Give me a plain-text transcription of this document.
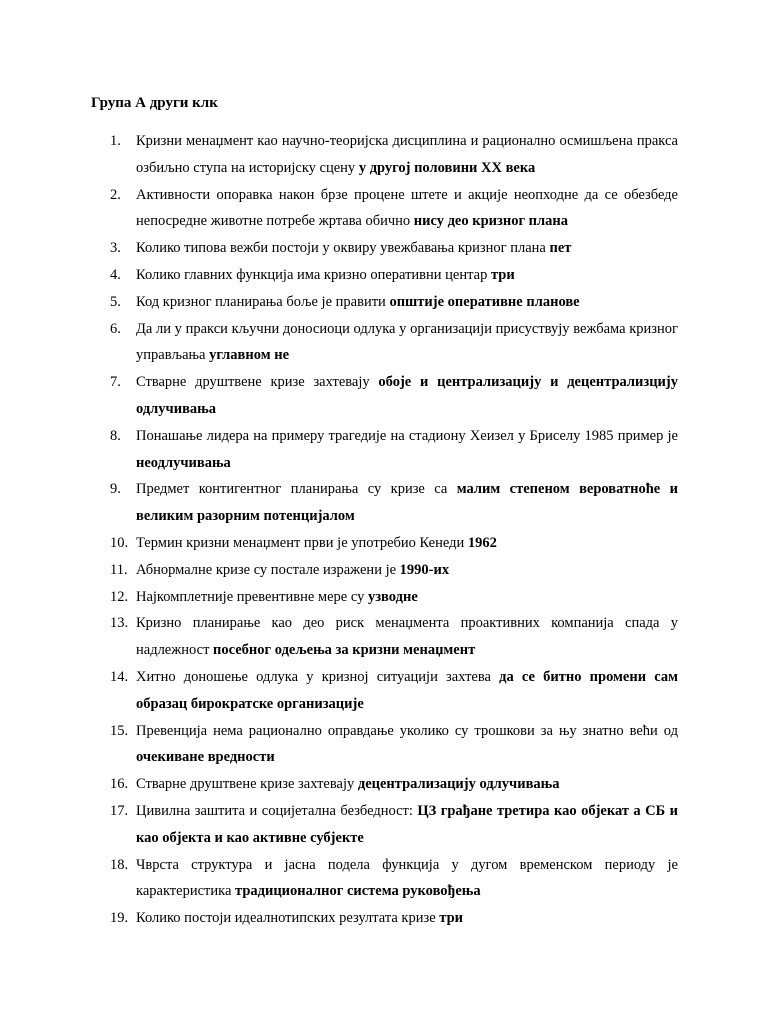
Група А други клк
1.	Кризни менаџмент као научно-теоријска дисциплина и рационално осмишљена пракса озбиљно ступа на историјску сцену у другој половини XX века
2.	Активности опоравка након брзе процене штете и акције неопходне да се обезбеде непосредне животне потребе жртава обично нису део кризног плана
3.	Колико типова вежби постоји у оквиру увежбавања кризног плана пет
4.	Колико главних функција има кризно оперативни центар три
5.	Код кризног планирања боље је правити општије оперативне планове
6.	Да ли у пракси кључни доносиоци одлука у организацији присуствују вежбама кризног управљања углавном не
7.	Стварне друштвене кризе захтевају обоје и централизацију и децентрализцију одлучивања
8.	Понашање лидера на примеру трагедије на стадиону Хеизел у Бриселу 1985 пример је неодлучивања
9.	Предмет контигентног планирања су кризе са малим степеном вероватноће и великим разорним потенцијалом
10. Термин кризни менаџмент први је употребио Кенеди 1962
11. Абнормалне кризе су постале изражени је 1990-их
12. Најкомплетније превентивне мере су узводне
13. Кризно планирање као део риск менаџмента проактивних компанија спада у надлежност посебног одељења за кризни менаџмент
14. Хитно доношење одлука у кризној ситуацији захтева да се битно промени сам образац бирократске организације
15. Превенција нема рационално оправдање уколико су трошкови за њу знатно већи од очекиване вредности
16. Стварне друштвене кризе захтевају децентрализацију одлучивања
17. Цивилна заштита и социјетална безбедност: ЦЗ грађане третира као објекат а СБ и као објекта и као активне субјекте
18. Чврста структура и јасна подела функција у дугом временском периоду је карактеристика традиционалног система руковођења
19. Колико постоји идеалнотипских резултата кризе три
